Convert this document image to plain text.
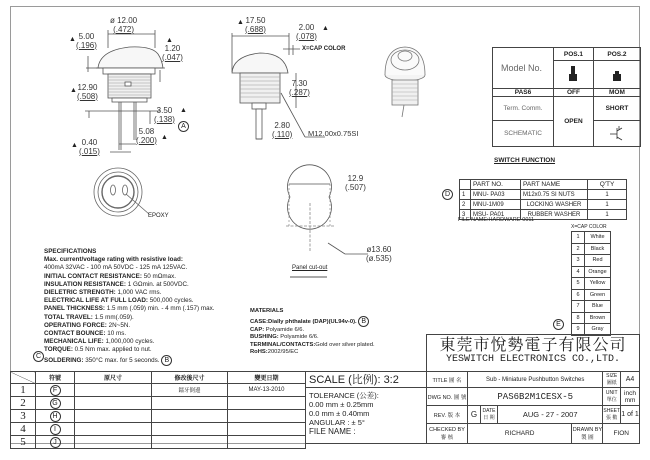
ø 12.00
(.472)
▲ 5.00
(.196)	▲
1.20
(.047)
▲ 12.90
(.508)
3.50
(.138)
▲
A
5.08
(.200) ▲
▲ 0.40
(.015)
▲ 17.50
(.688)	2.00
(.078)
▲
X=CAP COLOR
7.30
(.287)
2.80
(.110) M12.00x0.75SI
EPOXY
12.9
(.507)
ø13.60
(ø.535)
Panel cut-out
Model No.	POS.1	POS.2

PAS6	OFF	MOM
Term. Comm.	OPEN	SHORT
SCHEMATIC	
SWITCH FUNCTION
D
	PART NO.	PART NAME	Q'TY
1	MNU- PA03	M12x0.75 SI NUTS	1
2	MNU-1M09	LOCKING WASHER	1
3	MSU- PA01	RUBBER WASHER	1
FILE NAME:HARDWARE-0011
X=CAP COLOR
1	White
2	Black
3	Red
4	Orange
5	Yellow
6	Green
7	Blue
8	Brown
9	Gray
E
SPECIFICATIONS
Max. current/voltage rating with resistive load:
400mA 32VAC - 100 mA 50VDC - 125 mA 125VAC.
INITIAL CONTACT RESISTANCE: 50 mΩmax.
INSULATION RESISTANCE: 1 GΩmin. at 500VDC.
DIELETRIC STRENGTH: 1,000 VAC rms.
ELECTRICAL LIFE AT FULL LOAD: 500,000 cycles.
PANEL THICKNESS: 1.5 mm (.059) min. - 4 mm (.157) max.
TOTAL TRAVEL: 1.5 mm(.059).
OPERATING FORCE: 2N~5N.
CONTACT BOUNCE: 10 ms.
MECHANICAL LIFE: 1,000,000 cycles.
TORQUE: 0.5 Nm max. applied to nut.
SOLDERING: 350°C max. for 5 seconds. B
C
MATERIALS
CASE:Dially phthalate (DAP)(UL94v-0). B
CAP: Polyamide 6/6.
BUSHING: Polyamide 6/6.
TERMINAL/CONTACTS:Gold over silver plated.
RoHS:2002/95/EC
	符號	原尺寸	修改後尺寸	變更日期
1	F		鐳牙倒邊	MAY-13-2010
2	G			
3	H			
4	I			
5	J			
東莞市悅勢電子有限公司
YESWITCH ELECTRONICS CO.,LTD.
SCALE (比例): 3:2
TOLERANCE (公差):
0.00 mm ± 0.25mm
0.0 mm ± 0.40mm
ANGULAR : ± 5°
FILE NAME :
TITLE 圖 名	Sub - Miniature Pushbutton Switches				SIZE 圖紙	A4
DWG NO. 圖 號	PAS6B2M1CESX-5				UNIT 單位	inch
mm

REV. 版 本	G	DATE 日 期	AUG - 27 - 2007		SHEET 張 數	1 of 1
CHECKED BY 審 核	RICHARD			DRAWN BY 製 圖	FION	
